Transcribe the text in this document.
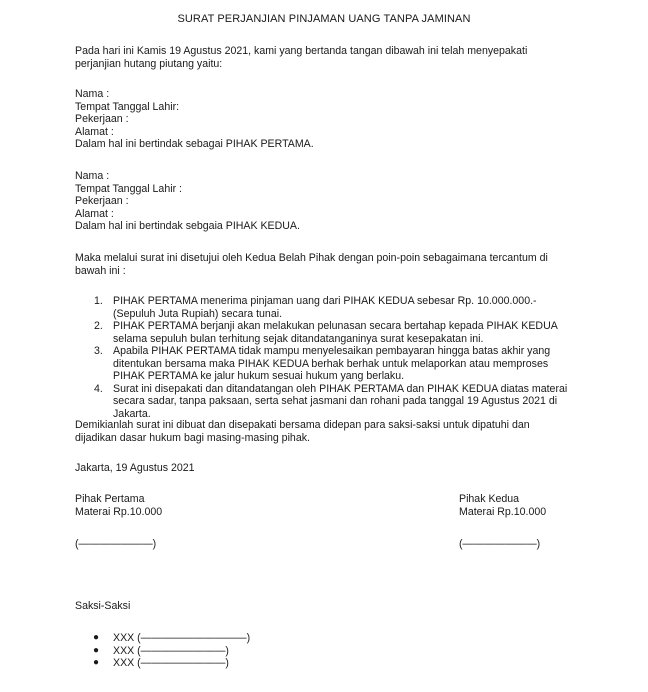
SURAT PERJANJIAN PINJAMAN UANG TANPA JAMINAN
Pada hari ini Kamis 19 Agustus 2021, kami yang bertanda tangan dibawah ini telah menyepakati
perjanjian hutang piutang yaitu:
Nama :
Tempat Tanggal Lahir:
Pekerjaan :
Alamat :
Dalam hal ini bertindak sebagai PIHAK PERTAMA.
Nama :
Tempat Tanggal Lahir :
Pekerjaan :
Alamat :
Dalam hal ini bertindak sebgaia PIHAK KEDUA.
Maka melalui surat ini disetujui oleh Kedua Belah Pihak dengan poin-poin sebagaimana tercantum di
bawah ini :
1. PIHAK PERTAMA menerima pinjaman uang dari PIHAK KEDUA sebesar Rp. 10.000.000.-
(Sepuluh Juta Rupiah) secara tunai.
2. PIHAK PERTAMA berjanji akan melakukan pelunasan secara bertahap kepada PIHAK KEDUA
selama sepuluh bulan terhitung sejak ditandatanganinya surat kesepakatan ini.
3. Apabila PIHAK PERTAMA tidak mampu menyelesaikan pembayaran hingga batas akhir yang
ditentukan bersama maka PIHAK KEDUA berhak berhak untuk melaporkan atau memproses
PIHAK PERTAMA ke jalur hukum sesuai hukum yang berlaku.
4. Surat ini disepakati dan ditandatangan oleh PIHAK PERTAMA dan PIHAK KEDUA diatas materai
secara sadar, tanpa paksaan, serta sehat jasmani dan rohani pada tanggal 19 Agustus 2021 di
Jakarta.
Demikianlah surat ini dibuat dan disepakati bersama didepan para saksi-saksi untuk dipatuhi dan
dijadikan dasar hukum bagi masing-masing pihak.
Jakarta, 19 Agustus 2021
Pihak Pertama
Materai Rp.10.000
Pihak Kedua
Materai Rp.10.000
(———————)	(———————)
Saksi-Saksi
● XXX (——————————)
● XXX (————————)
● XXX (————————)
